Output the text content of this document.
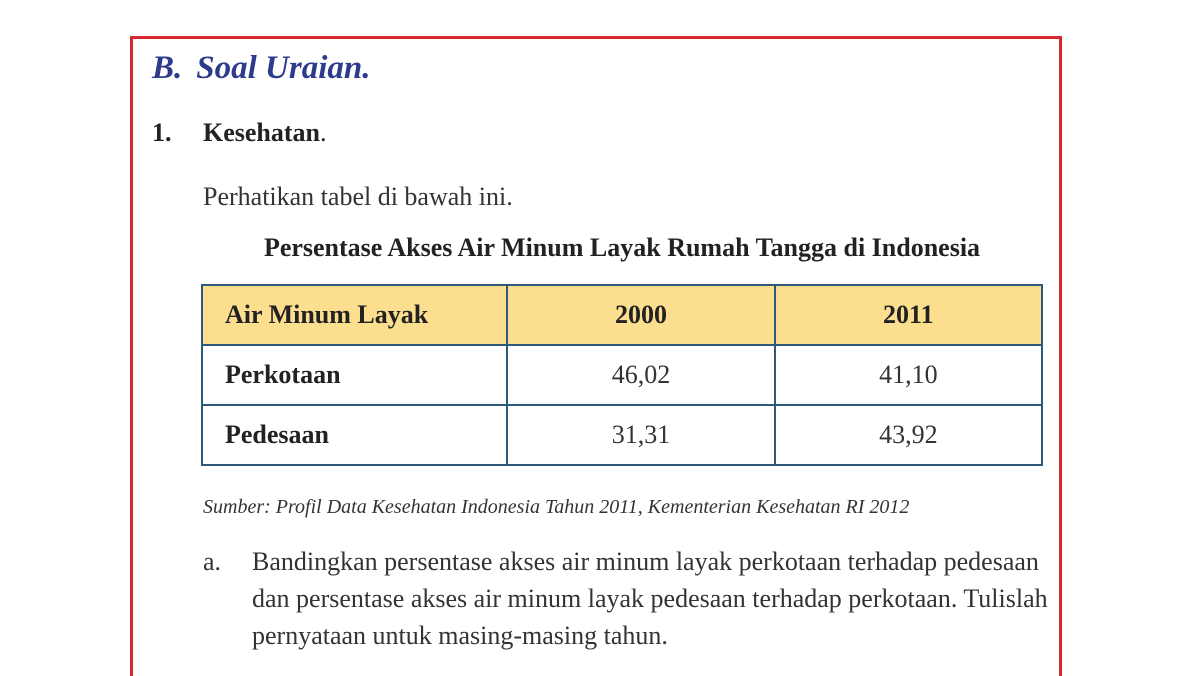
B. Soal Uraian.
1. Kesehatan.
Perhatikan tabel di bawah ini.
Persentase Akses Air Minum Layak Rumah Tangga di Indonesia
Air Minum Layak	2000	2011
Perkotaan	46,02	41,10
Pedesaan	31,31	43,92
Sumber: Profil Data Kesehatan Indonesia Tahun 2011, Kementerian Kesehatan RI 2012
a. Bandingkan persentase akses air minum layak perkotaan terhadap pedesaan dan persentase akses air minum layak pedesaan terhadap perkotaan. Tulislah pernyataan untuk masing-masing tahun.
